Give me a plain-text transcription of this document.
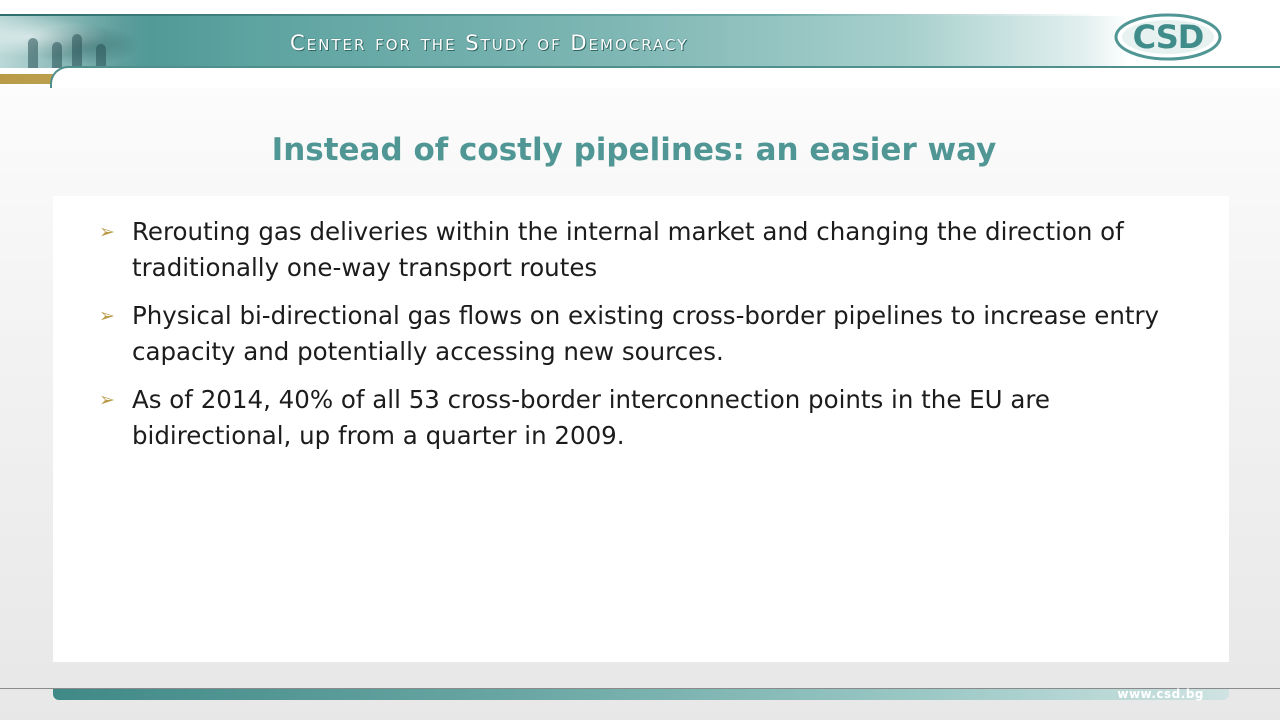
Center for the Study of Democracy	CSD
Instead of costly pipelines: an easier way
➢ Rerouting gas deliveries within the internal market and changing the direction of traditionally one-way transport routes
➢ Physical bi-directional gas flows on existing cross-border pipelines to increase entry capacity and potentially accessing new sources.
➢ As of 2014, 40% of all 53 cross-border interconnection points in the EU are bidirectional, up from a quarter in 2009.
www.csd.bg
